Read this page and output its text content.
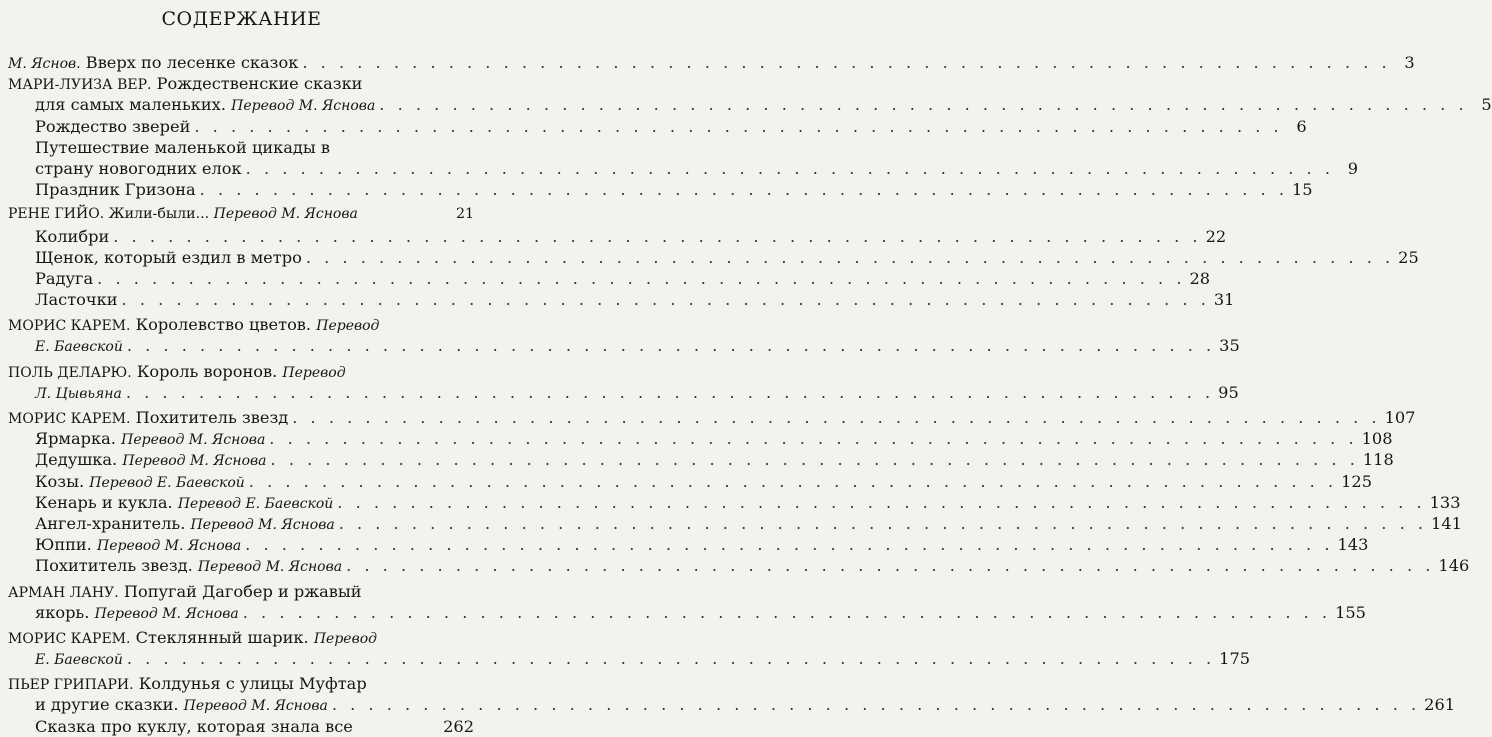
СОДЕРЖАНИЕ
М. Яснов. Вверх по лесенке сказок . . . . . . . . . . . . . . . . . . . . . . . . . . . . . . . . . . . . . . . . . . . . . . . . . . . . . . . . . . . . 3
МАРИ-ЛУИЗА ВЕР. Рождественские сказки
для самых маленьких. Перевод М. Яснова . . . . . . . . . . . . . . . . . . . . . . . . . . . . . . . . . . . . . . . . . . . . . . . . . . . . . . . . . . . . 5
Рождество зверей . . . . . . . . . . . . . . . . . . . . . . . . . . . . . . . . . . . . . . . . . . . . . . . . . . . . . . . . . . . . 6
Путешествие маленькой цикады в
страну новогодних елок . . . . . . . . . . . . . . . . . . . . . . . . . . . . . . . . . . . . . . . . . . . . . . . . . . . . . . . . . . . . 9
Праздник Гризона . . . . . . . . . . . . . . . . . . . . . . . . . . . . . . . . . . . . . . . . . . . . . . . . . . . . . . . . . . . . 15
РЕНЕ ГИЙО. Жили-были... Перевод М. Яснова	21
Колибри . . . . . . . . . . . . . . . . . . . . . . . . . . . . . . . . . . . . . . . . . . . . . . . . . . . . . . . . . . . . 22
Щенок, который ездил в метро . . . . . . . . . . . . . . . . . . . . . . . . . . . . . . . . . . . . . . . . . . . . . . . . . . . . . . . . . . . . 25
Радуга . . . . . . . . . . . . . . . . . . . . . . . . . . . . . . . . . . . . . . . . . . . . . . . . . . . . . . . . . . . . 28
Ласточки . . . . . . . . . . . . . . . . . . . . . . . . . . . . . . . . . . . . . . . . . . . . . . . . . . . . . . . . . . . . 31
МОРИС КАРЕМ. Королевство цветов. Перевод
Е. Баевской . . . . . . . . . . . . . . . . . . . . . . . . . . . . . . . . . . . . . . . . . . . . . . . . . . . . . . . . . . . . 35
ПОЛЬ ДЕЛАРЮ. Король воронов. Перевод
Л. Цывьяна . . . . . . . . . . . . . . . . . . . . . . . . . . . . . . . . . . . . . . . . . . . . . . . . . . . . . . . . . . . . 95
МОРИС КАРЕМ. Похититель звезд . . . . . . . . . . . . . . . . . . . . . . . . . . . . . . . . . . . . . . . . . . . . . . . . . . . . . . . . . . . . 107
Ярмарка. Перевод М. Яснова . . . . . . . . . . . . . . . . . . . . . . . . . . . . . . . . . . . . . . . . . . . . . . . . . . . . . . . . . . . . 108
Дедушка. Перевод М. Яснова . . . . . . . . . . . . . . . . . . . . . . . . . . . . . . . . . . . . . . . . . . . . . . . . . . . . . . . . . . . . 118
Козы. Перевод Е. Баевской . . . . . . . . . . . . . . . . . . . . . . . . . . . . . . . . . . . . . . . . . . . . . . . . . . . . . . . . . . . . 125
Кенарь и кукла. Перевод Е. Баевской . . . . . . . . . . . . . . . . . . . . . . . . . . . . . . . . . . . . . . . . . . . . . . . . . . . . . . . . . . . . 133
Ангел-хранитель. Перевод М. Яснова . . . . . . . . . . . . . . . . . . . . . . . . . . . . . . . . . . . . . . . . . . . . . . . . . . . . . . . . . . . . 141
Юппи. Перевод М. Яснова . . . . . . . . . . . . . . . . . . . . . . . . . . . . . . . . . . . . . . . . . . . . . . . . . . . . . . . . . . . . 143
Похититель звезд. Перевод М. Яснова . . . . . . . . . . . . . . . . . . . . . . . . . . . . . . . . . . . . . . . . . . . . . . . . . . . . . . . . . . . . 146
АРМАН ЛАНУ. Попугай Дагобер и ржавый
якорь. Перевод М. Яснова . . . . . . . . . . . . . . . . . . . . . . . . . . . . . . . . . . . . . . . . . . . . . . . . . . . . . . . . . . . . 155
МОРИС КАРЕМ. Стеклянный шарик. Перевод
Е. Баевской . . . . . . . . . . . . . . . . . . . . . . . . . . . . . . . . . . . . . . . . . . . . . . . . . . . . . . . . . . . . 175
ПЬЕР ГРИПАРИ. Колдунья с улицы Муфтар
и другие сказки. Перевод М. Яснова . . . . . . . . . . . . . . . . . . . . . . . . . . . . . . . . . . . . . . . . . . . . . . . . . . . . . . . . . . . . 261
Сказка про куклу, которая знала все	262
